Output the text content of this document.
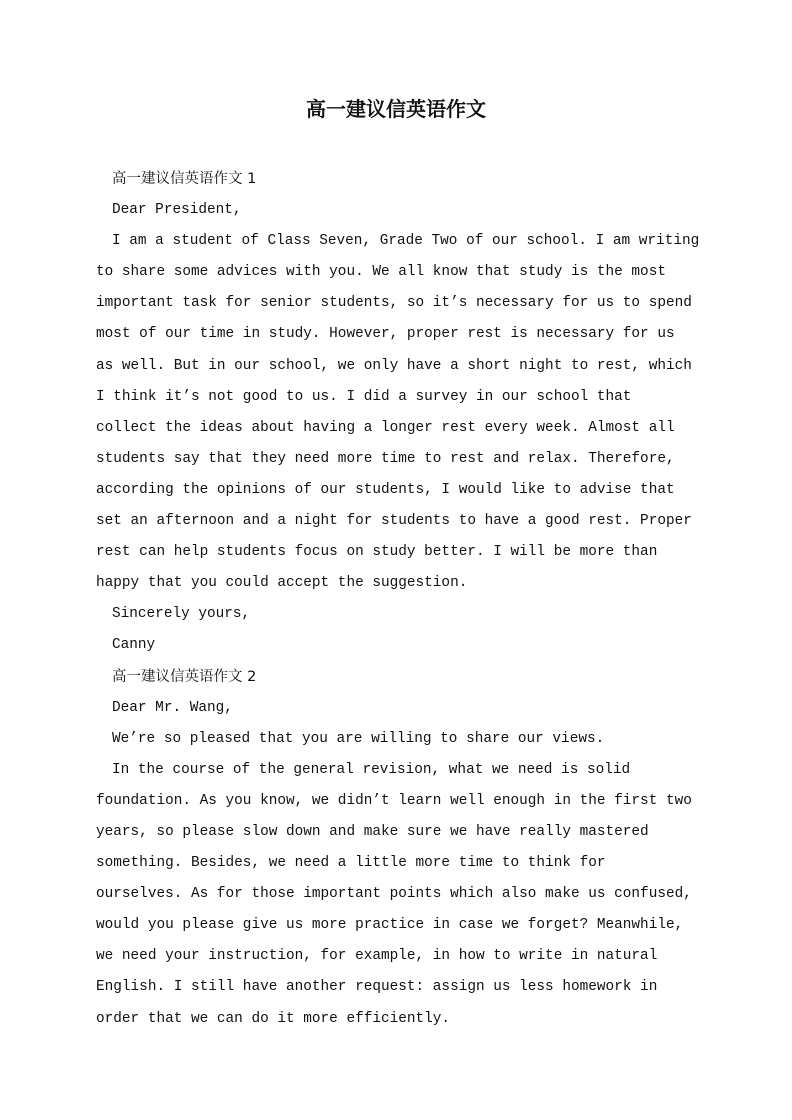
高一建议信英语作文

高一建议信英语作文 1

Dear President,

I am a student of Class Seven, Grade Two of our school. I am writing to share some advices with you. We all know that study is the most important task for senior students, so it’s necessary for us to spend most of our time in study. However, proper rest is necessary for us as well. But in our school, we only have a short night to rest, which I think it’s not good to us. I did a survey in our school that collect the ideas about having a longer rest every week. Almost all students say that they need more time to rest and relax. Therefore, according the opinions of our students, I would like to advise that set an afternoon and a night for students to have a good rest. Proper rest can help students focus on study better. I will be more than happy that you could accept the suggestion.

Sincerely yours,

Canny

高一建议信英语作文 2

Dear Mr. Wang,

We’re so pleased that you are willing to share our views.

In the course of the general revision, what we need is solid foundation. As you know, we didn’t learn well enough in the first two years, so please slow down and make sure we have really mastered something. Besides, we need a little more time to think for ourselves. As for those important points which also make us confused, would you please give us more practice in case we forget? Meanwhile, we need your instruction, for example, in how to write in natural English. I still have another request: assign us less homework in order that we can do it more efficiently.
